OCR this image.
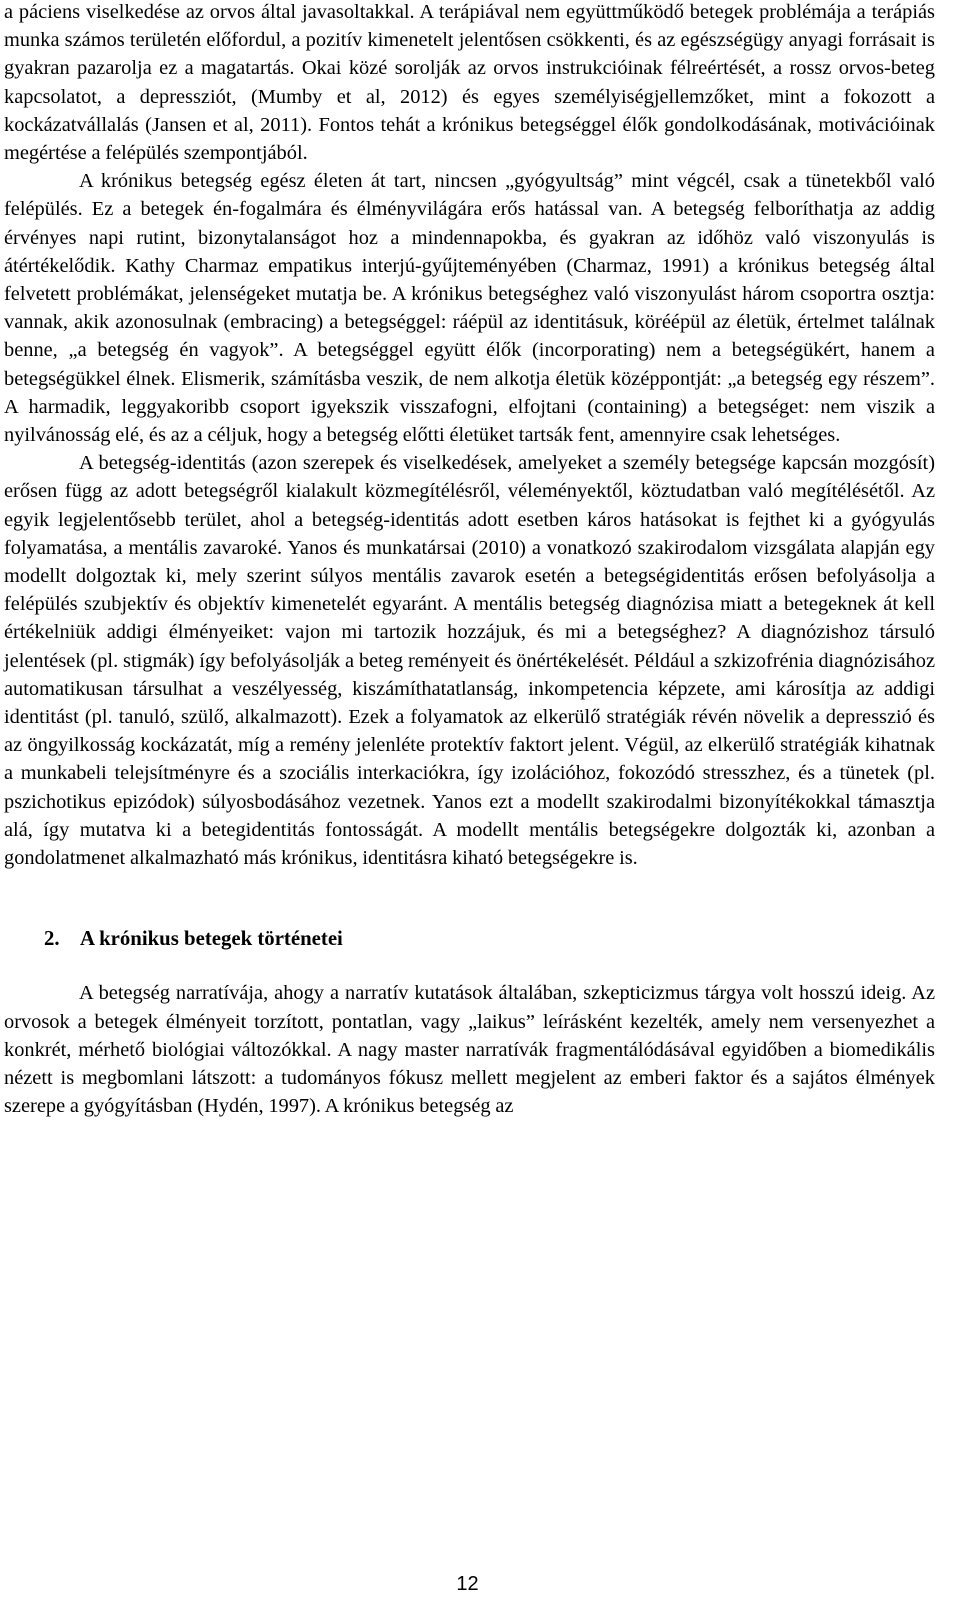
a páciens viselkedése az orvos által javasoltakkal. A terápiával nem együttműködő betegek problémája a terápiás munka számos területén előfordul, a pozitív kimenetelt jelentősen csökkenti, és az egészségügy anyagi forrásait is gyakran pazarolja ez a magatartás. Okai közé sorolják az orvos instrukcióinak félreértését, a rossz orvos-beteg kapcsolatot, a depressziót, (Mumby et al, 2012) és egyes személyiségjellemzőket, mint a fokozott a kockázatvállalás (Jansen et al, 2011). Fontos tehát a krónikus betegséggel élők gondolkodásának, motivációinak megértése a felépülés szempontjából.

A krónikus betegség egész életen át tart, nincsen „gyógyultság” mint végcél, csak a tünetekből való felépülés. Ez a betegek én-fogalmára és élményvilágára erős hatással van. A betegség felboríthatja az addig érvényes napi rutint, bizonytalanságot hoz a mindennapokba, és gyakran az időhöz való viszonyulás is átértékelődik. Kathy Charmaz empatikus interjú-gyűjteményében (Charmaz, 1991) a krónikus betegség által felvetett problémákat, jelenségeket mutatja be. A krónikus betegséghez való viszonyulást három csoportra osztja: vannak, akik azonosulnak (embracing) a betegséggel: ráépül az identitásuk, köréépül az életük, értelmet találnak benne, „a betegség én vagyok”. A betegséggel együtt élők (incorporating) nem a betegségükért, hanem a betegségükkel élnek. Elismerik, számításba veszik, de nem alkotja életük középpontját: „a betegség egy részem”. A harmadik, leggyakoribb csoport igyekszik visszafogni, elfojtani (containing) a betegséget: nem viszik a nyilvánosság elé, és az a céljuk, hogy a betegség előtti életüket tartsák fent, amennyire csak lehetséges.

A betegség-identitás (azon szerepek és viselkedések, amelyeket a személy betegsége kapcsán mozgósít) erősen függ az adott betegségről kialakult közmegítélésről, véleményektől, köztudatban való megítélésétől. Az egyik legjelentősebb terület, ahol a betegség-identitás adott esetben káros hatásokat is fejthet ki a gyógyulás folyamatása, a mentális zavaroké. Yanos és munkatársai (2010) a vonatkozó szakirodalom vizsgálata alapján egy modellt dolgoztak ki, mely szerint súlyos mentális zavarok esetén a betegségidentitás erősen befolyásolja a felépülés szubjektív és objektív kimenetelét egyaránt. A mentális betegség diagnózisa miatt a betegeknek át kell értékelniük addigi élményeiket: vajon mi tartozik hozzájuk, és mi a betegséghez? A diagnózishoz társuló jelentések (pl. stigmák) így befolyásolják a beteg reményeit és önértékelését. Például a szkizofrénia diagnózisához automatikusan társulhat a veszélyesség, kiszámíthatatlanság, inkompetencia képzete, ami károsítja az addigi identitást (pl. tanuló, szülő, alkalmazott). Ezek a folyamatok az elkerülő stratégiák révén növelik a depresszió és az öngyilkosság kockázatát, míg a remény jelenléte protektív faktort jelent. Végül, az elkerülő stratégiák kihatnak a munkabeli telejsítményre és a szociális interkaciókra, így izolációhoz, fokozódó stresszhez, és a tünetek (pl. pszichotikus epizódok) súlyosbodásához vezetnek. Yanos ezt a modellt szakirodalmi bizonyítékokkal támasztja alá, így mutatva ki a betegidentitás fontosságát. A modellt mentális betegségekre dolgozták ki, azonban a gondolatmenet alkalmazható más krónikus, identitásra kiható betegségekre is.

2. A krónikus betegek történetei

A betegség narratívája, ahogy a narratív kutatások általában, szkepticizmus tárgya volt hosszú ideig. Az orvosok a betegek élményeit torzított, pontatlan, vagy „laikus” leírásként kezelték, amely nem versenyezhet a konkrét, mérhető biológiai változókkal. A nagy master narratívák fragmentálódásával egyidőben a biomedikális nézett is megbomlani látszott: a tudományos fókusz mellett megjelent az emberi faktor és a sajátos élmények szerepe a gyógyításban (Hydén, 1997). A krónikus betegség az

12
